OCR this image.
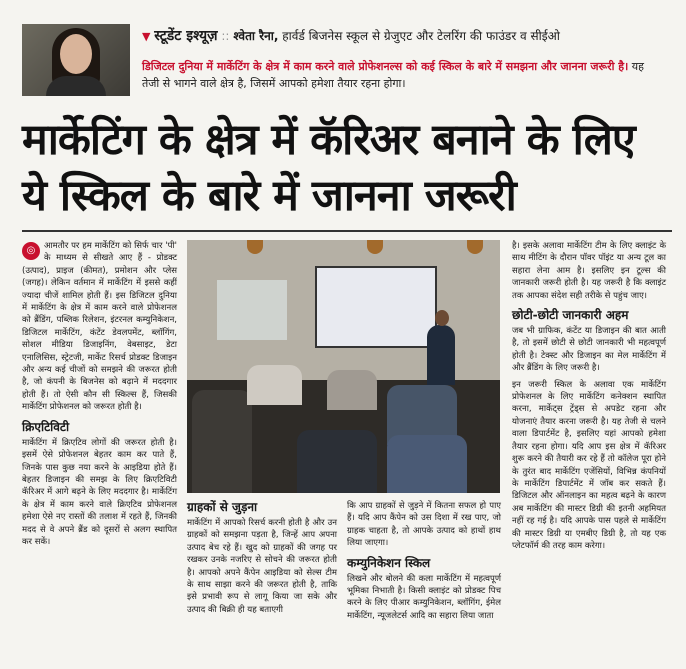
▼ स्टूडेंट इश्यूज़ :: श्वेता रैना, हार्वर्ड बिजनेस स्कूल से ग्रेजुएट और टेलरिंग की फाउंडर व सीईओ
डिजिटल दुनिया में मार्केटिंग के क्षेत्र में काम करने वाले प्रोफेशनल्स को कई स्किल के बारे में समझना और जानना जरूरी है। यह तेजी से भागने वाले क्षेत्र है, जिसमें आपको हमेशा तैयार रहना होगा।
मार्केटिंग के क्षेत्र में कॅरिअर बनाने के लिए ये स्किल के बारे में जानना जरूरी
◎	आमतौर पर हम मार्केटिंग को सिर्फ चार 'पी' के माध्यम से सीखते आए हैं - प्रोडक्ट (उत्पाद), प्राइज (कीमत), प्रमोशन और प्लेस (जगह)। लेकिन वर्तमान में मार्केटिंग में इससे कहीं ज्यादा चीजें शामिल होती हैं। इस डिजिटल दुनिया में मार्केटिंग के क्षेत्र में काम करने वाले प्रोफेशनल को ब्रैंडिंग, पब्लिक रिलेशन, इंटरनल कम्युनिकेशन, डिजिटल मार्केटिंग, कंटेंट डेवलपमेंट, ब्लॉगिंग, सोशल मीडिया डिजाइनिंग, वेबसाइट, डेटा एनालिसिस, स्ट्रेटजी, मार्केट रिसर्च प्रोडक्ट डिजाइन और अन्य कई चीजों को समझने की जरूरत होती है, जो कंपनी के बिजनेस को बढ़ाने में मददगार होती हैं। तो ऐसी कौन सी स्किल्स हैं, जिसकी मार्केटिंग प्रोफेशनल को जरूरत होती है।
क्रिएटिविटी
मार्केटिंग में क्रिएटिव लोगों की जरूरत होती है। इसमें ऐसे प्रोफेशनल बेहतर काम कर पाते हैं, जिनके पास कुछ नया करने के आइडिया होते हैं। बेहतर डिजाइन की समझ के लिए क्रिएटिविटी कॅरिअर में आगे बढ़ने के लिए मददगार है। मार्केटिंग के क्षेत्र में काम करने वाले क्रिएटिव प्रोफेशनल हमेशा ऐसे नए रास्तों की तलाश में रहते हैं, जिनकी मदद से वे अपने ब्रैंड को दूसरों से अलग स्थापित कर सकें।
ग्राहकों से जुड़ना
मार्केटिंग में आपको रिसर्च करनी होती है और उन ग्राहकों को समझना पड़ता है, जिन्हें आप अपना उत्पाद बेच रहे हैं। खुद को ग्राहकों की जगह पर रखकर उनके नजरिए से सोचने की जरूरत होती है। आपको अपने कैंपेन आइडिया को सेल्स टीम के साथ साझा करने की जरूरत होती है, ताकि इसे प्रभावी रूप से लागू किया जा सके और उत्पाद की बिक्री ही यह बताएगी
कि आप ग्राहकों से जुड़ने में कितना सफल हो पाए हैं। यदि आप कैंपेन को उस दिशा में रख पाए, जो ग्राहक चाहता है, तो आपके उत्पाद को हाथों हाथ लिया जाएगा।
कम्युनिकेशन स्किल
लिखने और बोलने की कला मार्केटिंग में महत्वपूर्ण भूमिका निभाती है। किसी क्लाइंट को प्रोडक्ट पिच करने के लिए पीआर कम्युनिकेशन, ब्लॉगिंग, ईमेल मार्केटिंग, न्यूजलेटर्स आदि का सहारा लिया जाता
है। इसके अलावा मार्केटिंग टीम के लिए क्लाइंट के साथ मीटिंग के दौरान पॉवर पॉइंट या अन्य टूल का सहारा लेना आम है। इसलिए इन टूल्स की जानकारी जरूरी होती है। यह जरूरी है कि क्लाइंट तक आपका संदेश सही तरीके से पहुंच जाए।
छोटी-छोटी जानकारी अहम
जब भी ग्राफिक, कंटेंट या डिजाइन की बात आती है, तो इसमें छोटी से छोटी जानकारी भी महत्वपूर्ण होती है। टेक्स्ट और डिजाइन का मेल मार्केटिंग में और ब्रैंडिंग के लिए जरूरी है।
इन जरूरी स्किल के अलावा एक मार्केटिंग प्रोफेशनल के लिए मार्केटिंग कनेक्शन स्थापित करना, मार्केट्स ट्रेंड्स से अपडेट रहना और योजनाएं तैयार करना जरूरी है। यह तेजी से चलने वाला डिपार्टमेंट है, इसलिए यहां आपको हमेशा तैयार रहना होगा। यदि आप इस क्षेत्र में कॅरिअर शुरू करने की तैयारी कर रहे हैं तो कॉलेज पूरा होने के तुरंत बाद मार्केटिंग एजेंसियों, विभिन्न कंपनियों के मार्केटिंग डिपार्टमेंट में जॉब कर सकते हैं। डिजिटल और ऑनलाइन का महत्व बढ़ने के कारण अब मार्केटिंग की मास्टर डिग्री की इतनी अहमियत नहीं रह गई है। यदि आपके पास पहले से मार्केटिंग की मास्टर डिग्री या एमबीए डिग्री है, तो यह एक प्लेटफॉर्म की तरह काम करेगा।
